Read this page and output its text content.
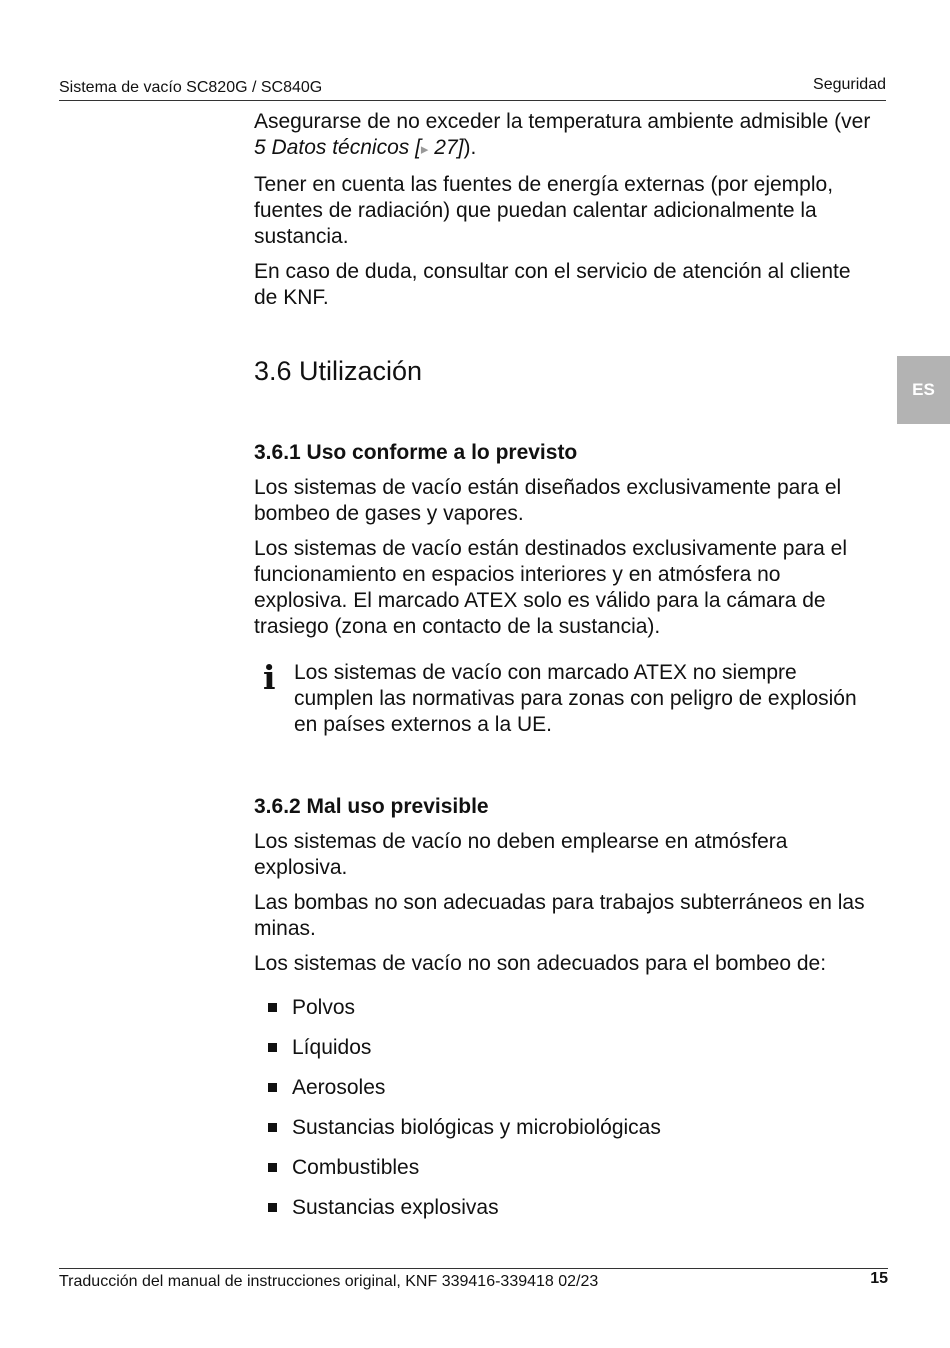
Sistema de vacío SC820G / SC840G	Seguridad
ES

Asegurarse de no exceder la temperatura ambiente admisible (ver 5 Datos técnicos [▸ 27]).

Tener en cuenta las fuentes de energía externas (por ejemplo, fuentes de radiación) que puedan calentar adicionalmente la sustancia.

En caso de duda, consultar con el servicio de atención al cliente de KNF.

3.6 Utilización
3.6.1 Uso conforme a lo previsto

Los sistemas de vacío están diseñados exclusivamente para el bombeo de gases y vapores.

Los sistemas de vacío están destinados exclusivamente para el funcionamiento en espacios interiores y en atmósfera no explosiva. El marcado ATEX solo es válido para la cámara de trasiego (zona en contacto de la sustancia).

i Los sistemas de vacío con marcado ATEX no siempre cumplen las normativas para zonas con peligro de explosión en países externos a la UE.
3.6.2 Mal uso previsible

Los sistemas de vacío no deben emplearse en atmósfera explosiva.

Las bombas no son adecuadas para trabajos subterráneos en las minas.

Los sistemas de vacío no son adecuados para el bombeo de:

Polvos
Líquidos
Aerosoles
Sustancias biológicas y microbiológicas
Combustibles
Sustancias explosivas
Traducción del manual de instrucciones original, KNF 339416-339418 02/23	15
